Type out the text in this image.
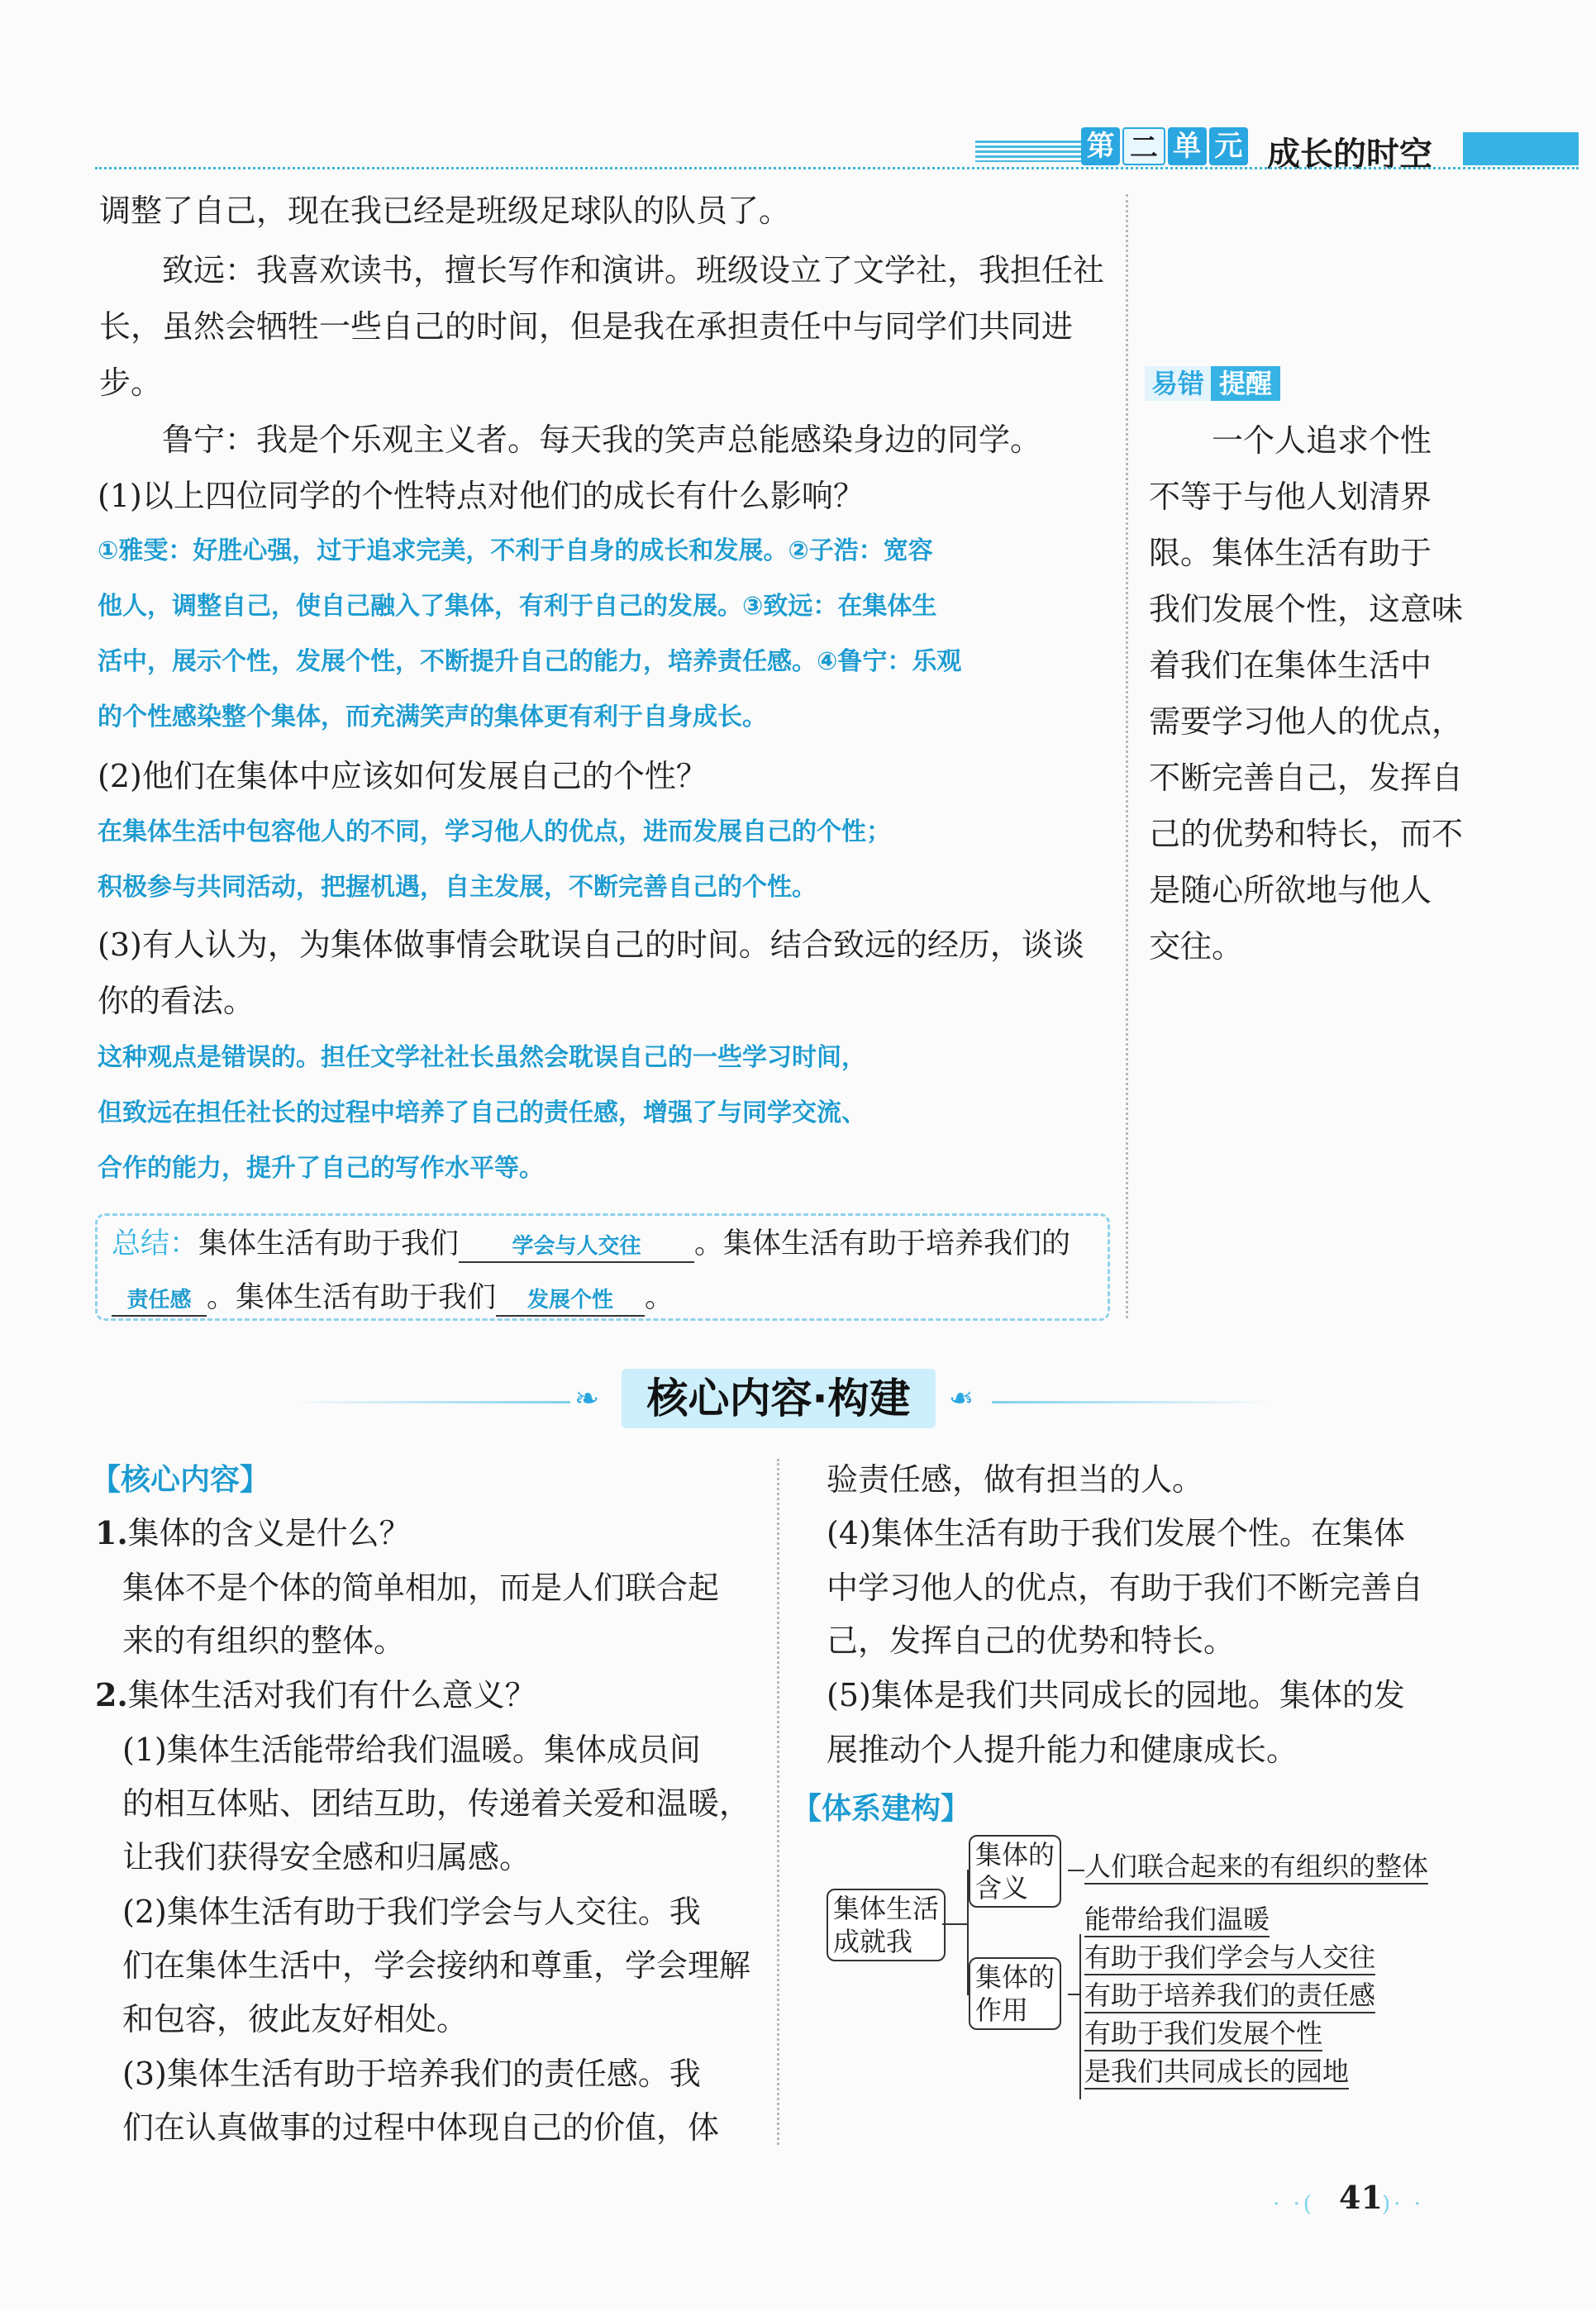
第 二 单 元 成长的时空
调整了自己，现在我已经是班级足球队的队员了。
致远：我喜欢读书，擅长写作和演讲。班级设立了文学社，我担任社
长，虽然会牺牲一些自己的时间，但是我在承担责任中与同学们共同进
步。
鲁宁：我是个乐观主义者。每天我的笑声总能感染身边的同学。
(1)以上四位同学的个性特点对他们的成长有什么影响？
①雅雯：好胜心强，过于追求完美，不利于自身的成长和发展。②子浩：宽容
他人，调整自己，使自己融入了集体，有利于自己的发展。③致远：在集体生
活中，展示个性，发展个性，不断提升自己的能力，培养责任感。④鲁宁：乐观
的个性感染整个集体，而充满笑声的集体更有利于自身成长。
(2)他们在集体中应该如何发展自己的个性？
在集体生活中包容他人的不同，学习他人的优点，进而发展自己的个性；
积极参与共同活动，把握机遇，自主发展，不断完善自己的个性。
(3)有人认为，为集体做事情会耽误自己的时间。结合致远的经历，谈谈
你的看法。
这种观点是错误的。担任文学社社长虽然会耽误自己的一些学习时间，
但致远在担任社长的过程中培养了自己的责任感，增强了与同学交流、
合作的能力，提升了自己的写作水平等。
总结：集体生活有助于我们 学会与人交往 。集体生活有助于培养我们的
责任感 。集体生活有助于我们 发展个性 。
易错 提醒
一个人追求个性
不等于与他人划清界
限。集体生活有助于
我们发展个性，这意味
着我们在集体生活中
需要学习他人的优点，
不断完善自己，发挥自
己的优势和特长，而不
是随心所欲地与他人
交往。
❧	核心内容·构建	❧
【核心内容】
1.集体的含义是什么？
集体不是个体的简单相加，而是人们联合起
来的有组织的整体。
2.集体生活对我们有什么意义？
(1)集体生活能带给我们温暖。集体成员间
的相互体贴、团结互助，传递着关爱和温暖，
让我们获得安全感和归属感。
(2)集体生活有助于我们学会与人交往。我
们在集体生活中，学会接纳和尊重，学会理解
和包容，彼此友好相处。
(3)集体生活有助于培养我们的责任感。我
们在认真做事的过程中体现自己的价值，体
验责任感，做有担当的人。
(4)集体生活有助于我们发展个性。在集体
中学习他人的优点，有助于我们不断完善自
己，发挥自己的优势和特长。
(5)集体是我们共同成长的园地。集体的发
展推动个人提升能力和健康成长。
【体系建构】
集体生活
成就我
集体的
含义
人们联合起来的有组织的整体
集体的
作用
能带给我们温暖
有助于我们学会与人交往
有助于培养我们的责任感
有助于我们发展个性
是我们共同成长的园地
· ·( 41 )· ·
